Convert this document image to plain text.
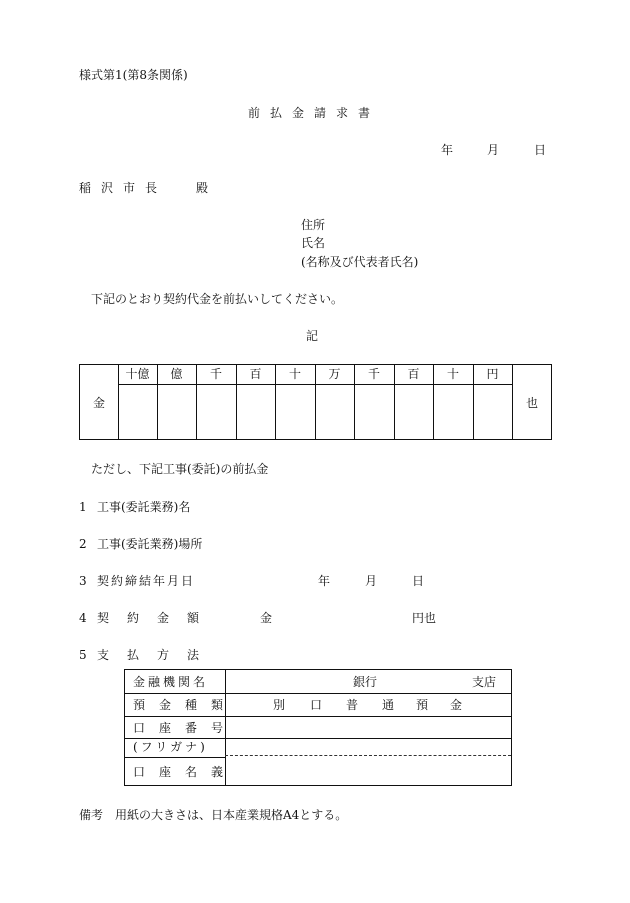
様式第1(第8条関係)
前払金請求書
年	月	日
稲沢市長 殿
住所
氏名
(名称及び代表者氏名)
下記のとおり契約代金を前払いしてください。
記
十億	億	千	百	十	万	千	百	十	円
金	也
ただし、下記工事(委託)の前払金
1 工事(委託業務)名
2 工事(委託業務)場所
3 契約締結年月日	年	月	日
4 契約金額	金	円也
5 支払方法
金融機関名	銀行	支店
預金種類	別 口 普 通 預 金
口座番号
(フリガナ)
口座名義
備考　用紙の大きさは、日本産業規格A4とする。
